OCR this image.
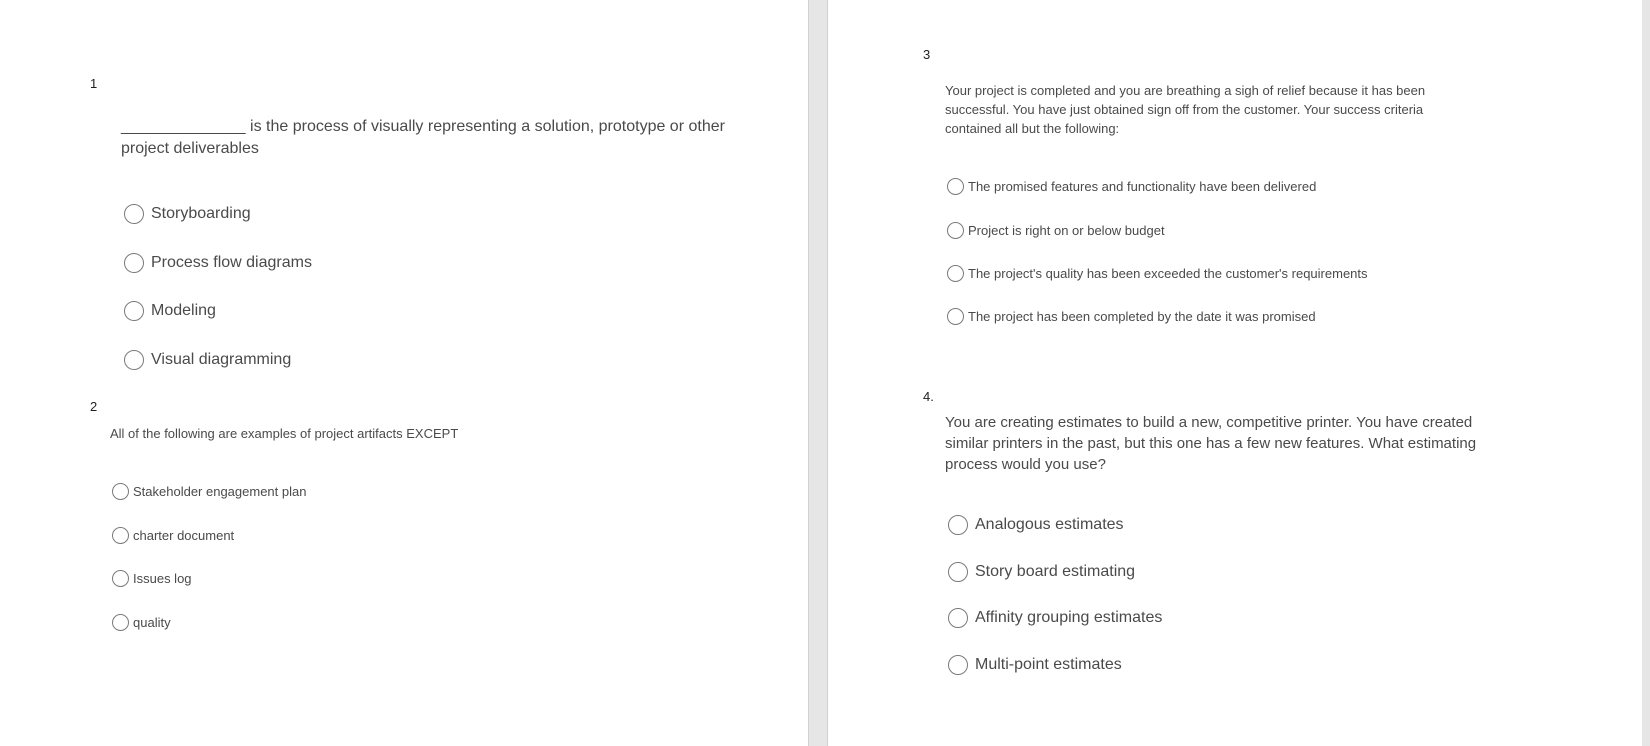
1
______________ is the process of visually representing a solution, prototype or other
project deliverables
Storyboarding
Process flow diagrams
Modeling
Visual diagramming
2
All of the following are examples of project artifacts EXCEPT
Stakeholder engagement plan
charter document
Issues log
quality
3
Your project is completed and you are breathing a sigh of relief because it has been
successful. You have just obtained sign off from the customer. Your success criteria
contained all but the following:
The promised features and functionality have been delivered
Project is right on or below budget
The project's quality has been exceeded the customer's requirements
The project has been completed by the date it was promised
4.
You are creating estimates to build a new, competitive printer. You have created
similar printers in the past, but this one has a few new features. What estimating
process would you use?
Analogous estimates
Story board estimating
Affinity grouping estimates
Multi-point estimates
